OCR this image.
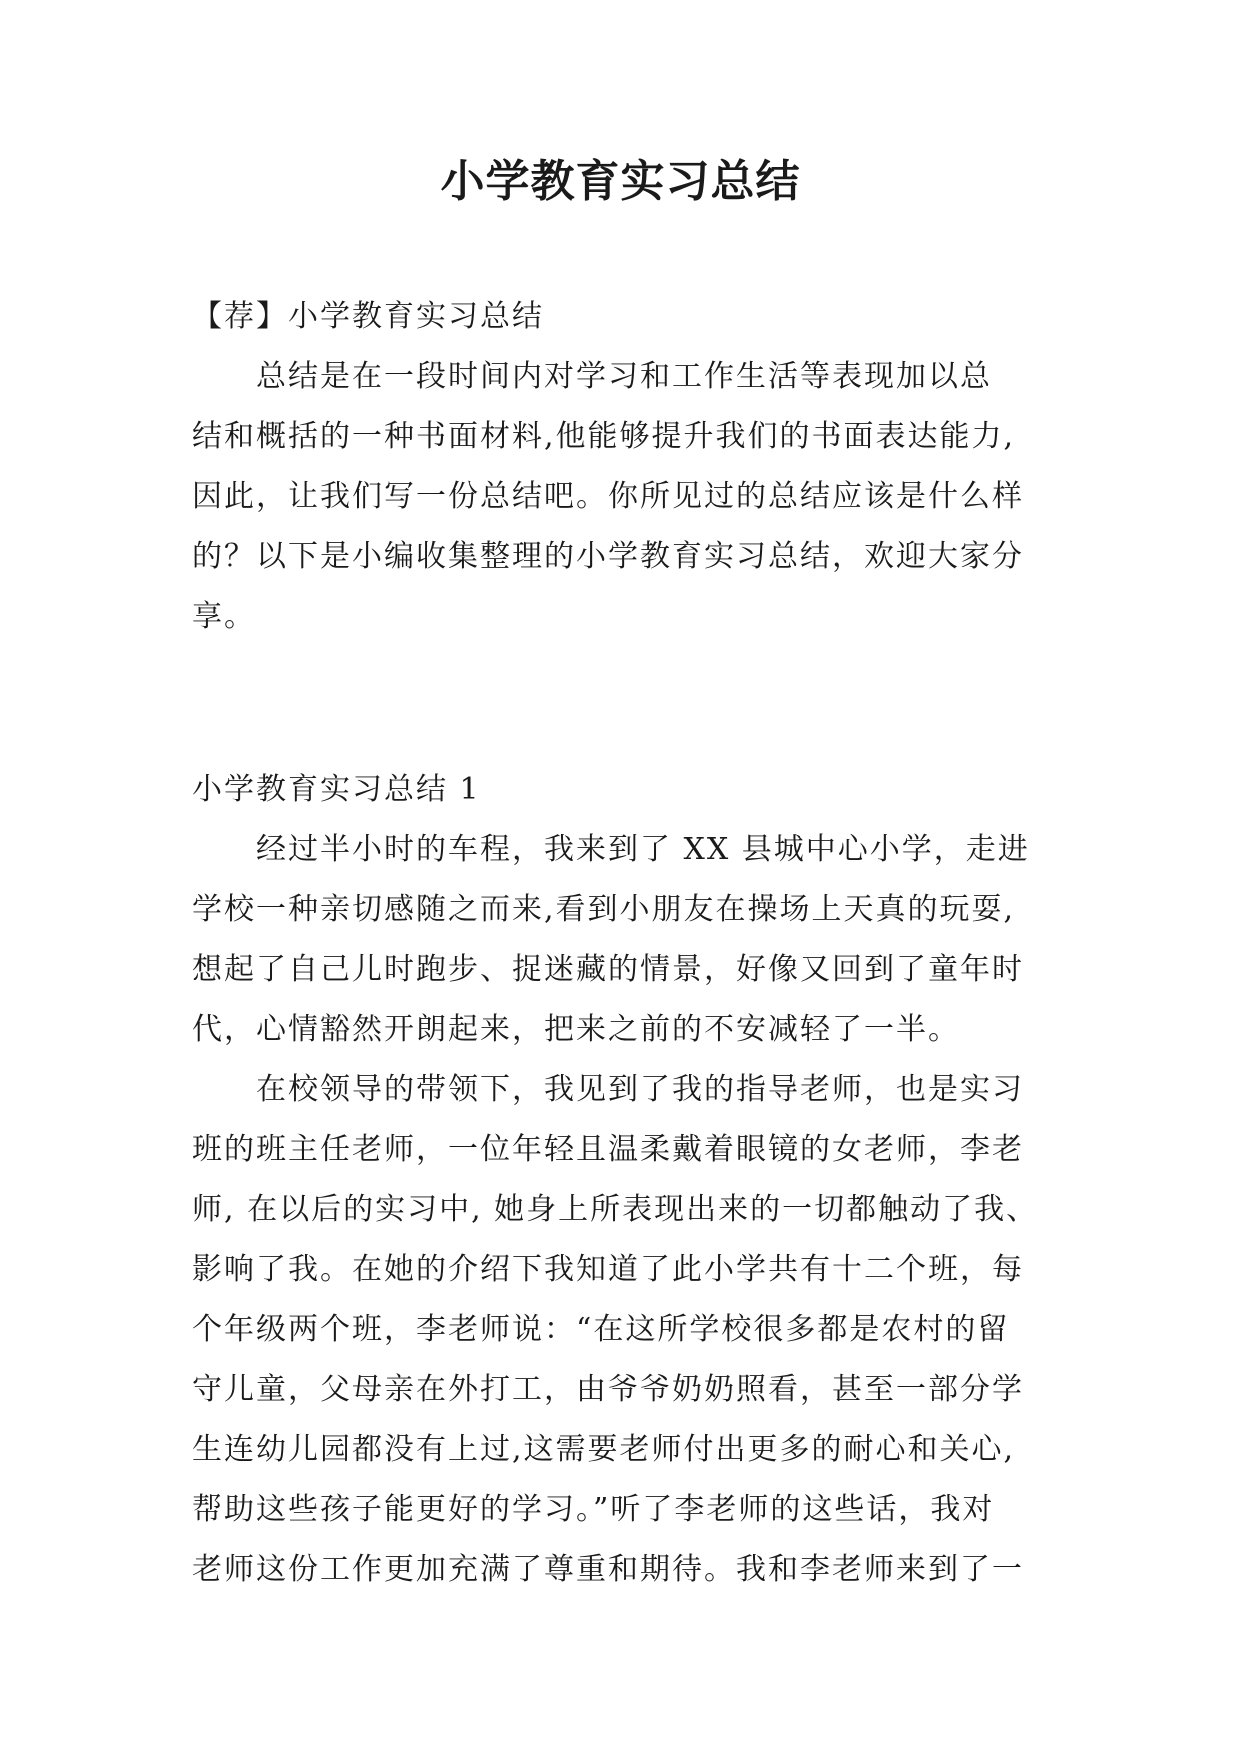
小学教育实习总结

【荐】小学教育实习总结

　　总结是在一段时间内对学习和工作生活等表现加以总
结和概括的一种书面材料,他能够提升我们的书面表达能力,
因此，让我们写一份总结吧。你所见过的总结应该是什么样
的？以下是小编收集整理的小学教育实习总结，欢迎大家分
享。

小学教育实习总结 1

　　经过半小时的车程，我来到了 XX 县城中心小学，走进
学校一种亲切感随之而来,看到小朋友在操场上天真的玩耍,
想起了自己儿时跑步、捉迷藏的情景，好像又回到了童年时
代，心情豁然开朗起来，把来之前的不安减轻了一半。
　　在校领导的带领下，我见到了我的指导老师，也是实习
班的班主任老师，一位年轻且温柔戴着眼镜的女老师，李老
师, 在以后的实习中, 她身上所表现出来的一切都触动了我、
影响了我。在她的介绍下我知道了此小学共有十二个班，每
个年级两个班，李老师说：“在这所学校很多都是农村的留
守儿童，父母亲在外打工，由爷爷奶奶照看，甚至一部分学
生连幼儿园都没有上过,这需要老师付出更多的耐心和关心,
帮助这些孩子能更好的学习。”听了李老师的这些话，我对
老师这份工作更加充满了尊重和期待。我和李老师来到了一
